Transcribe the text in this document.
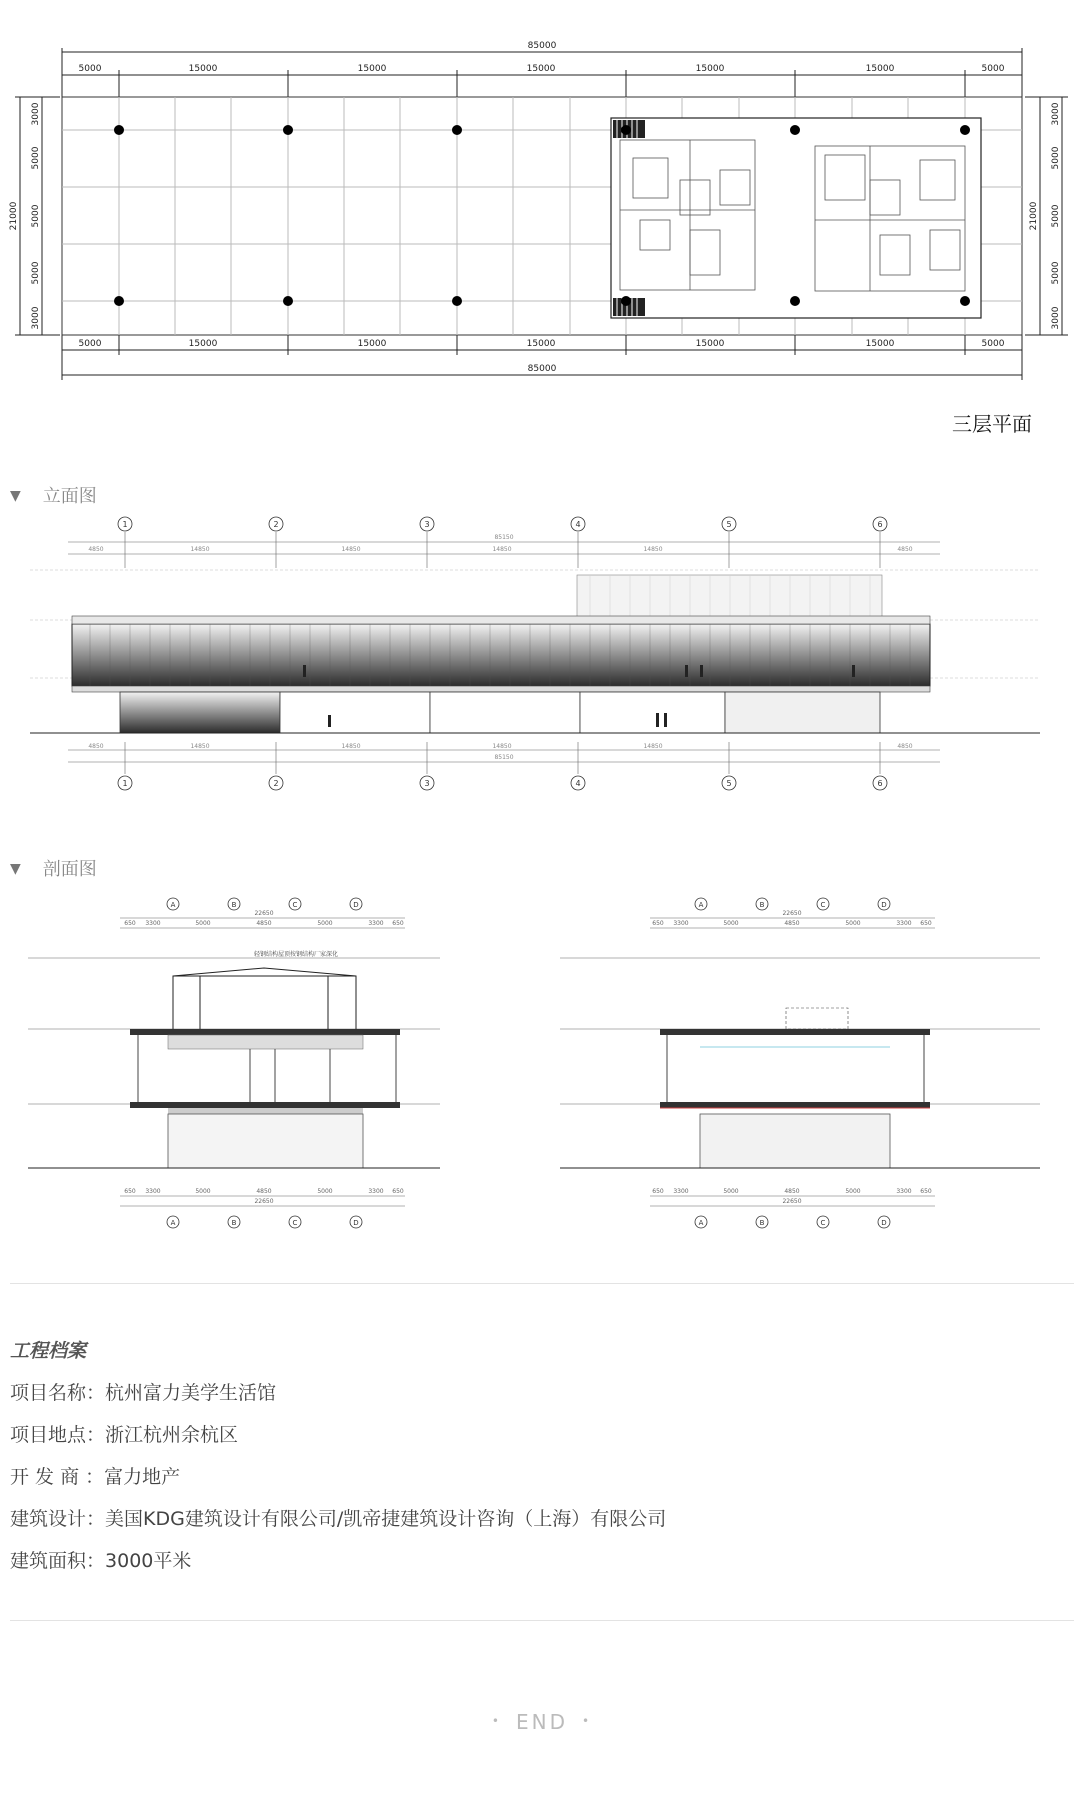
85000
5000	15000	15000	15000	15000	15000	5000
5000	15000	15000	15000	15000	15000	5000
85000
21000
3000
5000
5000
5000
3000
3000
5000
5000
5000
3000
21000
三层平面
▼ 立面图
1	2	3	4	5	6
1	2	3	4	5	6
85150
4850	14850	14850	14850	14850	4850
4850	14850	14850	14850	14850	4850
85150
▼ 剖面图
A	B	C	D
A	B	C	D
22650
650 3300	5000	4850	5000	3300 650
650 3300	5000	4850	5000	3300 650
22650
轻钢结构屋顶按钢结构厂家深化
A	B	C	D
A	B	C	D
22650
650 3300	5000	4850	5000	3300 650
650 3300	5000	4850	5000	3300 650
22650
工程档案
项目名称：杭州富力美学生活馆
项目地点：浙江杭州余杭区
开 发 商 ：富力地产
建筑设计：美国KDG建筑设计有限公司/凯帝捷建筑设计咨询（上海）有限公司
建筑面积：3000平米
• END •
